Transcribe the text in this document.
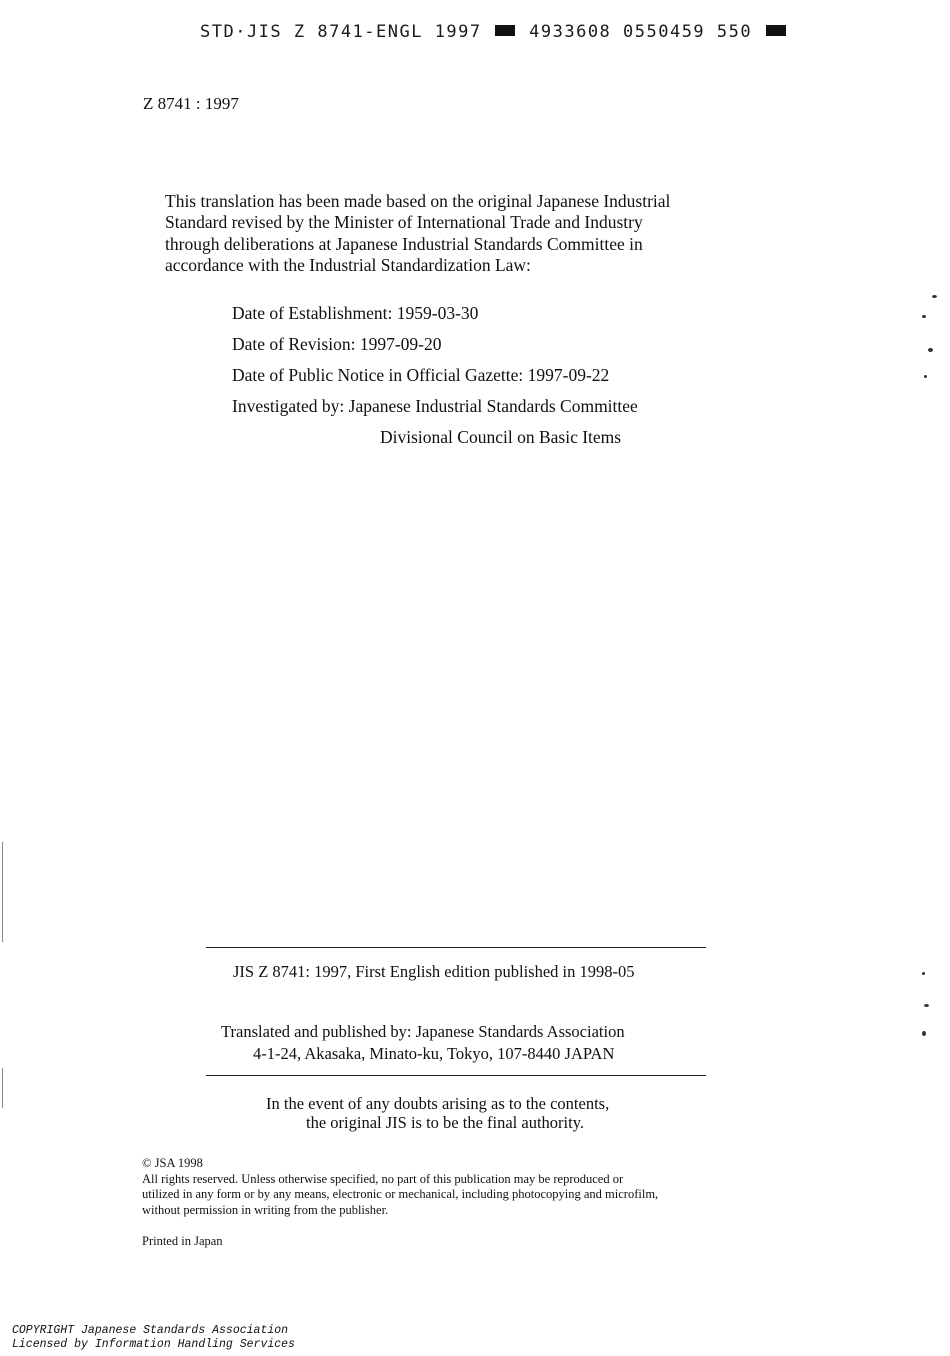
STD·JIS Z 8741-ENGL 1997	4933608 0550459 550
Z 8741 : 1997
This translation has been made based on the original Japanese Industrial
Standard revised by the Minister of International Trade and Industry
through deliberations at Japanese Industrial Standards Committee in
accordance with the Industrial Standardization Law:
Date of Establishment: 1959-03-30
Date of Revision: 1997-09-20
Date of Public Notice in Official Gazette: 1997-09-22
Investigated by: Japanese Industrial Standards Committee
Divisional Council on Basic Items
JIS Z 8741: 1997, First English edition published in 1998-05
Translated and published by: Japanese Standards Association
4-1-24, Akasaka, Minato-ku, Tokyo, 107-8440 JAPAN
In the event of any doubts arising as to the contents,
the original JIS is to be the final authority.
© JSA 1998
All rights reserved. Unless otherwise specified, no part of this publication may be reproduced or
utilized in any form or by any means, electronic or mechanical, including photocopying and microfilm,
without permission in writing from the publisher.
Printed in Japan
COPYRIGHT Japanese Standards Association
Licensed by Information Handling Services
